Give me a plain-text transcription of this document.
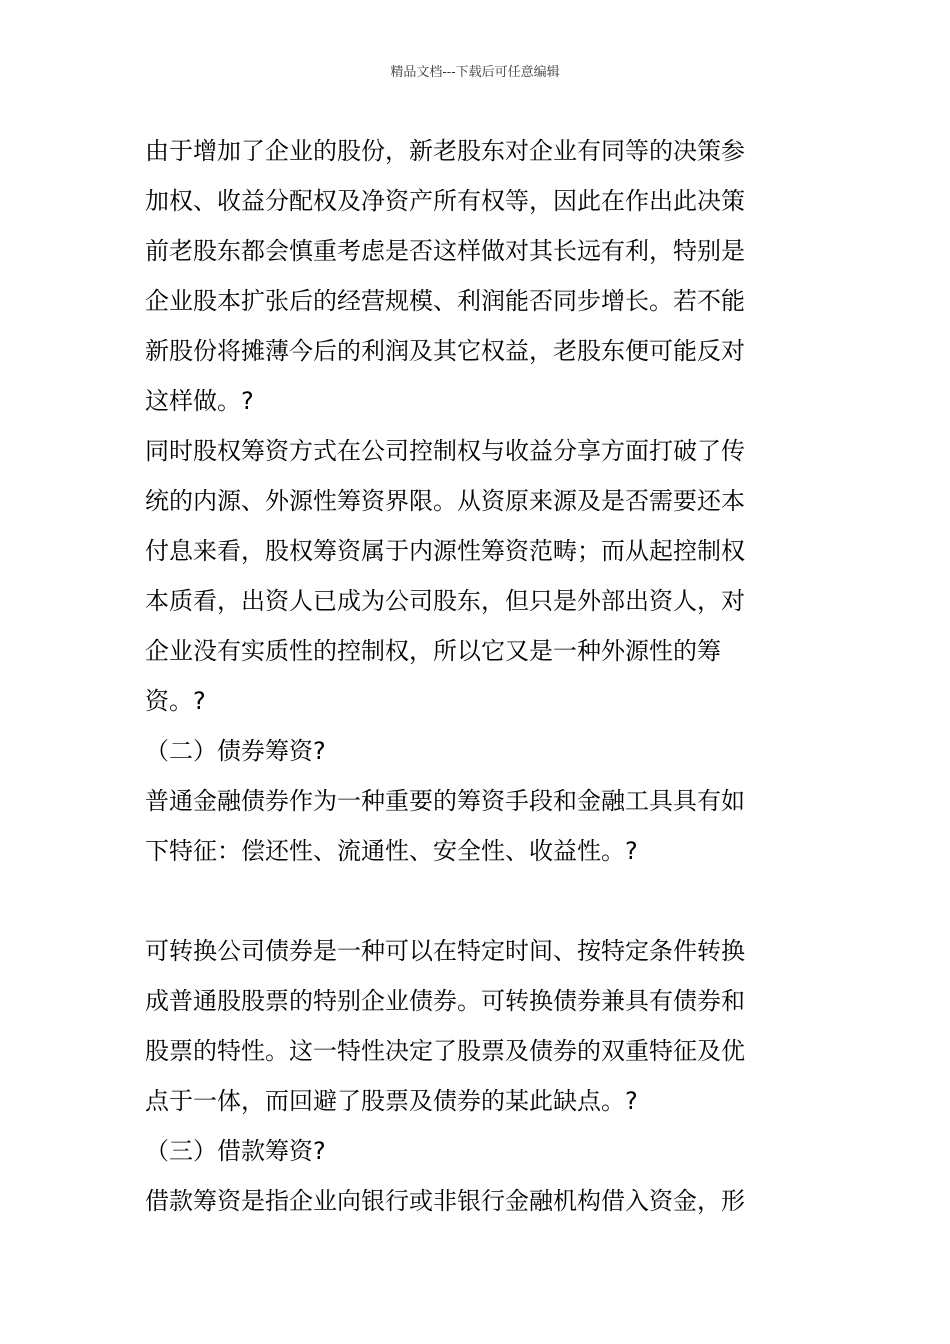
精品文档---下载后可任意编辑
由于增加了企业的股份，新老股东对企业有同等的决策参
加权、收益分配权及净资产所有权等，因此在作出此决策
前老股东都会慎重考虑是否这样做对其长远有利，特别是
企业股本扩张后的经营规模、利润能否同步增长。若不能
新股份将摊薄今后的利润及其它权益，老股东便可能反对
这样做。?
同时股权筹资方式在公司控制权与收益分享方面打破了传
统的内源、外源性筹资界限。从资原来源及是否需要还本
付息来看，股权筹资属于内源性筹资范畴；而从起控制权
本质看，出资人已成为公司股东，但只是外部出资人，对
企业没有实质性的控制权，所以它又是一种外源性的筹
资。?
（二）债券筹资?
普通金融债券作为一种重要的筹资手段和金融工具具有如
下特征：偿还性、流通性、安全性、收益性。?
可转换公司债券是一种可以在特定时间、按特定条件转换
成普通股股票的特别企业债券。可转换债券兼具有债券和
股票的特性。这一特性决定了股票及债券的双重特征及优
点于一体，而回避了股票及债券的某此缺点。?
（三）借款筹资?
借款筹资是指企业向银行或非银行金融机构借入资金，形
